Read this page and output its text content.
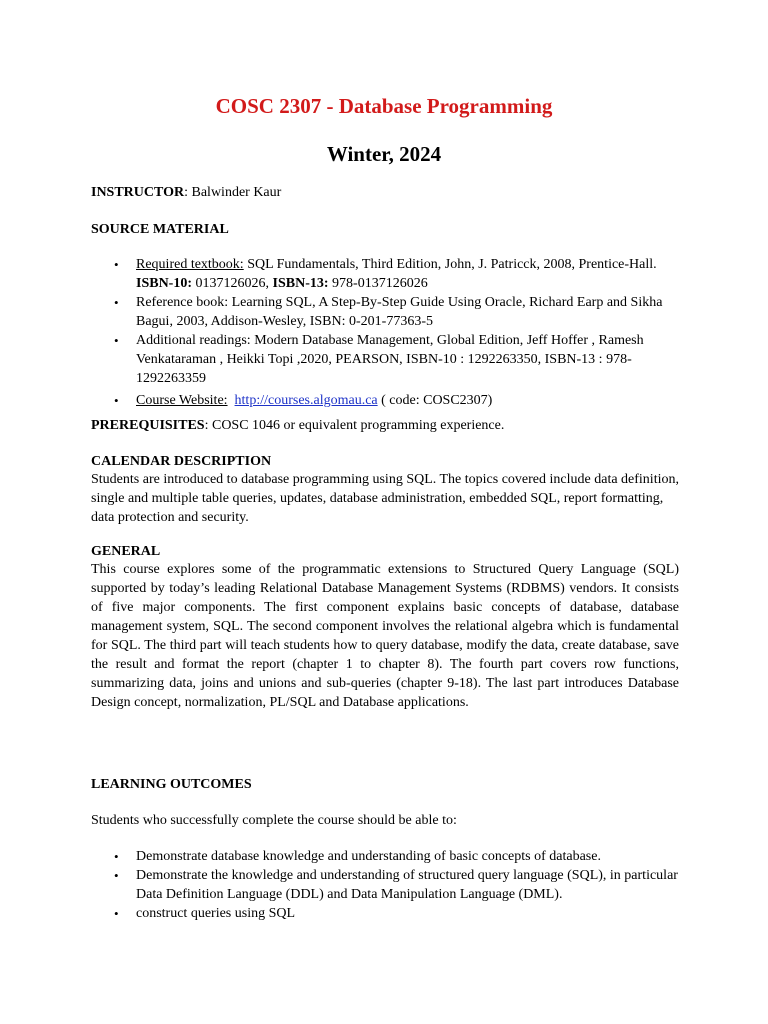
COSC 2307 - Database Programming
Winter, 2024
INSTRUCTOR: Balwinder Kaur
SOURCE MATERIAL
• Required textbook: SQL Fundamentals, Third Edition, John, J. Patricck, 2008, Prentice-Hall. ISBN-10: 0137126026, ISBN-13: 978-0137126026
• Reference book: Learning SQL, A Step-By-Step Guide Using Oracle, Richard Earp and Sikha Bagui, 2003, Addison-Wesley, ISBN: 0-201-77363-5
• Additional readings: Modern Database Management, Global Edition, Jeff Hoffer , Ramesh Venkataraman , Heikki Topi ,2020, PEARSON, ISBN-10 : 1292263350, ISBN-13 : 978-1292263359
• Course Website: http://courses.algomau.ca ( code: COSC2307)
PREREQUISITES: COSC 1046 or equivalent programming experience.
CALENDAR DESCRIPTION
Students are introduced to database programming using SQL. The topics covered include data definition, single and multiple table queries, updates, database administration, embedded SQL, report formatting, data protection and security.
GENERAL
This course explores some of the programmatic extensions to Structured Query Language (SQL) supported by today’s leading Relational Database Management Systems (RDBMS) vendors. It consists of five major components. The first component explains basic concepts of database, database management system, SQL. The second component involves the relational algebra which is fundamental for SQL. The third part will teach students how to query database, modify the data, create database, save the result and format the report (chapter 1 to chapter 8). The fourth part covers row functions, summarizing data, joins and unions and sub-queries (chapter 9-18). The last part introduces Database Design concept, normalization, PL/SQL and Database applications.
LEARNING OUTCOMES
Students who successfully complete the course should be able to:
• Demonstrate database knowledge and understanding of basic concepts of database.
• Demonstrate the knowledge and understanding of structured query language (SQL), in particular Data Definition Language (DDL) and Data Manipulation Language (DML).
• construct queries using SQL
